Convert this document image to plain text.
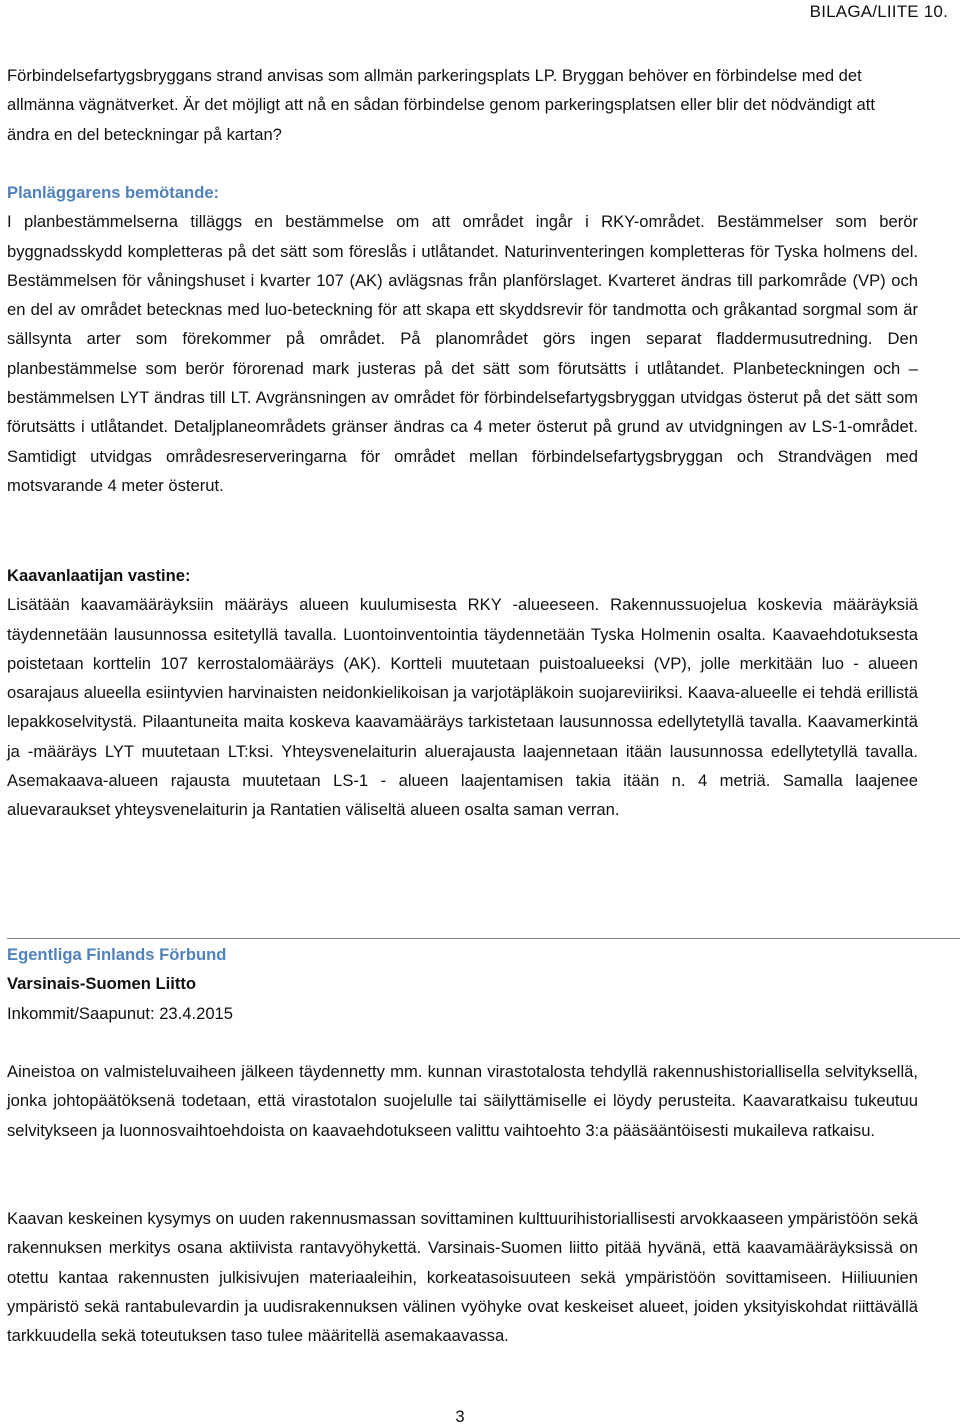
BILAGA/LIITE 10.

Förbindelsefartygsbryggans strand anvisas som allmän parkeringsplats LP. Bryggan behöver en förbindelse med det allmänna vägnätverket. Är det möjligt att nå en sådan förbindelse genom parkeringsplatsen eller blir det nödvändigt att ändra en del beteckningar på kartan?

Planläggarens bemötande:

I planbestämmelserna tilläggs en bestämmelse om att området ingår i RKY-området. Bestämmelser som berör byggnadsskydd kompletteras på det sätt som föreslås i utlåtandet. Naturinventeringen kompletteras för Tyska holmens del. Bestämmelsen för våningshuset i kvarter 107 (AK) avlägsnas från planförslaget. Kvarteret ändras till parkområde (VP) och en del av området betecknas med luo-beteckning för att skapa ett skyddsrevir för tandmotta och gråkantad sorgmal som är sällsynta arter som förekommer på området. På planområdet görs ingen separat fladdermusutredning. Den planbestämmelse som berör förorenad mark justeras på det sätt som förutsätts i utlåtandet. Planbeteckningen och – bestämmelsen LYT ändras till LT. Avgränsningen av området för förbindelsefartygsbryggan utvidgas österut på det sätt som förutsätts i utlåtandet. Detaljplaneområdets gränser ändras ca 4 meter österut på grund av utvidgningen av LS-1-området. Samtidigt utvidgas områdesreserveringarna för området mellan förbindelsefartygsbryggan och Strandvägen med motsvarande 4 meter österut.

Kaavanlaatijan vastine:

Lisätään kaavamääräyksiin määräys alueen kuulumisesta RKY -alueeseen. Rakennussuojelua koskevia määräyksiä täydennetään lausunnossa esitetyllä tavalla. Luontoinventointia täydennetään Tyska Holmenin osalta. Kaavaehdotuksesta poistetaan korttelin 107 kerrostalomääräys (AK). Kortteli muutetaan puistoalueeksi (VP), jolle merkitään luo - alueen osarajaus alueella esiintyvien harvinaisten neidonkielikoisan ja varjotäpläkoin suojareviiriksi. Kaava-alueelle ei tehdä erillistä lepakkoselvitystä. Pilaantuneita maita koskeva kaavamääräys tarkistetaan lausunnossa edellytetyllä tavalla. Kaavamerkintä ja -määräys LYT muutetaan LT:ksi. Yhteysvenelaiturin aluerajausta laajennetaan itään lausunnossa edellytetyllä tavalla. Asemakaava-alueen rajausta muutetaan LS-1 - alueen laajentamisen takia itään n. 4 metriä. Samalla laajenee aluevaraukset yhteysvenelaiturin ja Rantatien väliseltä alueen osalta saman verran.

Egentliga Finlands Förbund

Varsinais-Suomen Liitto

Inkommit/Saapunut: 23.4.2015

Aineistoa on valmisteluvaiheen jälkeen täydennetty mm. kunnan virastotalosta tehdyllä rakennushistoriallisella selvityksellä, jonka johtopäätöksenä todetaan, että virastotalon suojelulle tai säilyttämiselle ei löydy perusteita. Kaavaratkaisu tukeutuu selvitykseen ja luonnosvaihtoehdoista on kaavaehdotukseen valittu vaihtoehto 3:a pääsääntöisesti mukaileva ratkaisu.

Kaavan keskeinen kysymys on uuden rakennusmassan sovittaminen kulttuurihistoriallisesti arvokkaaseen ympäristöön sekä rakennuksen merkitys osana aktiivista rantavyöhykettä. Varsinais-Suomen liitto pitää hyvänä, että kaavamääräyksissä on otettu kantaa rakennusten julkisivujen materiaaleihin, korkeatasoisuuteen sekä ympäristöön sovittamiseen. Hiiliuunien ympäristö sekä rantabulevardin ja uudisrakennuksen välinen vyöhyke ovat keskeiset alueet, joiden yksityiskohdat riittävällä tarkkuudella sekä toteutuksen taso tulee määritellä asemakaavassa.

3
